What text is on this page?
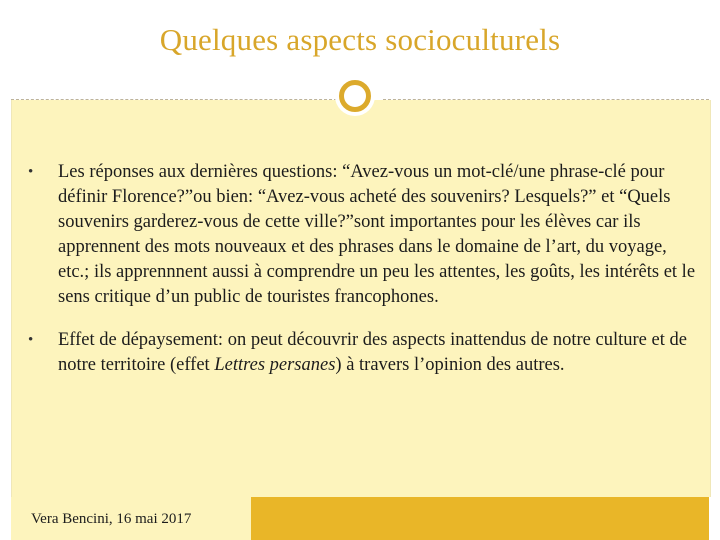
Quelques aspects socioculturels
• Les réponses aux dernières questions: “Avez-vous un mot-clé/une phrase-clé pour définir Florence?”ou bien: “Avez-vous acheté des souvenirs? Lesquels?” et “Quels souvenirs garderez-vous de cette ville?”sont importantes pour les élèves car ils apprennent des mots nouveaux et des phrases dans le domaine de l’art, du voyage, etc.; ils apprennnent aussi à comprendre un peu les attentes, les goûts, les intérêts et le sens critique d’un public de touristes francophones.
• Effet de dépaysement: on peut découvrir des aspects inattendus de notre culture et de notre territoire (effet Lettres persanes) à travers l’opinion des autres.
Vera Bencini, 16 mai 2017
